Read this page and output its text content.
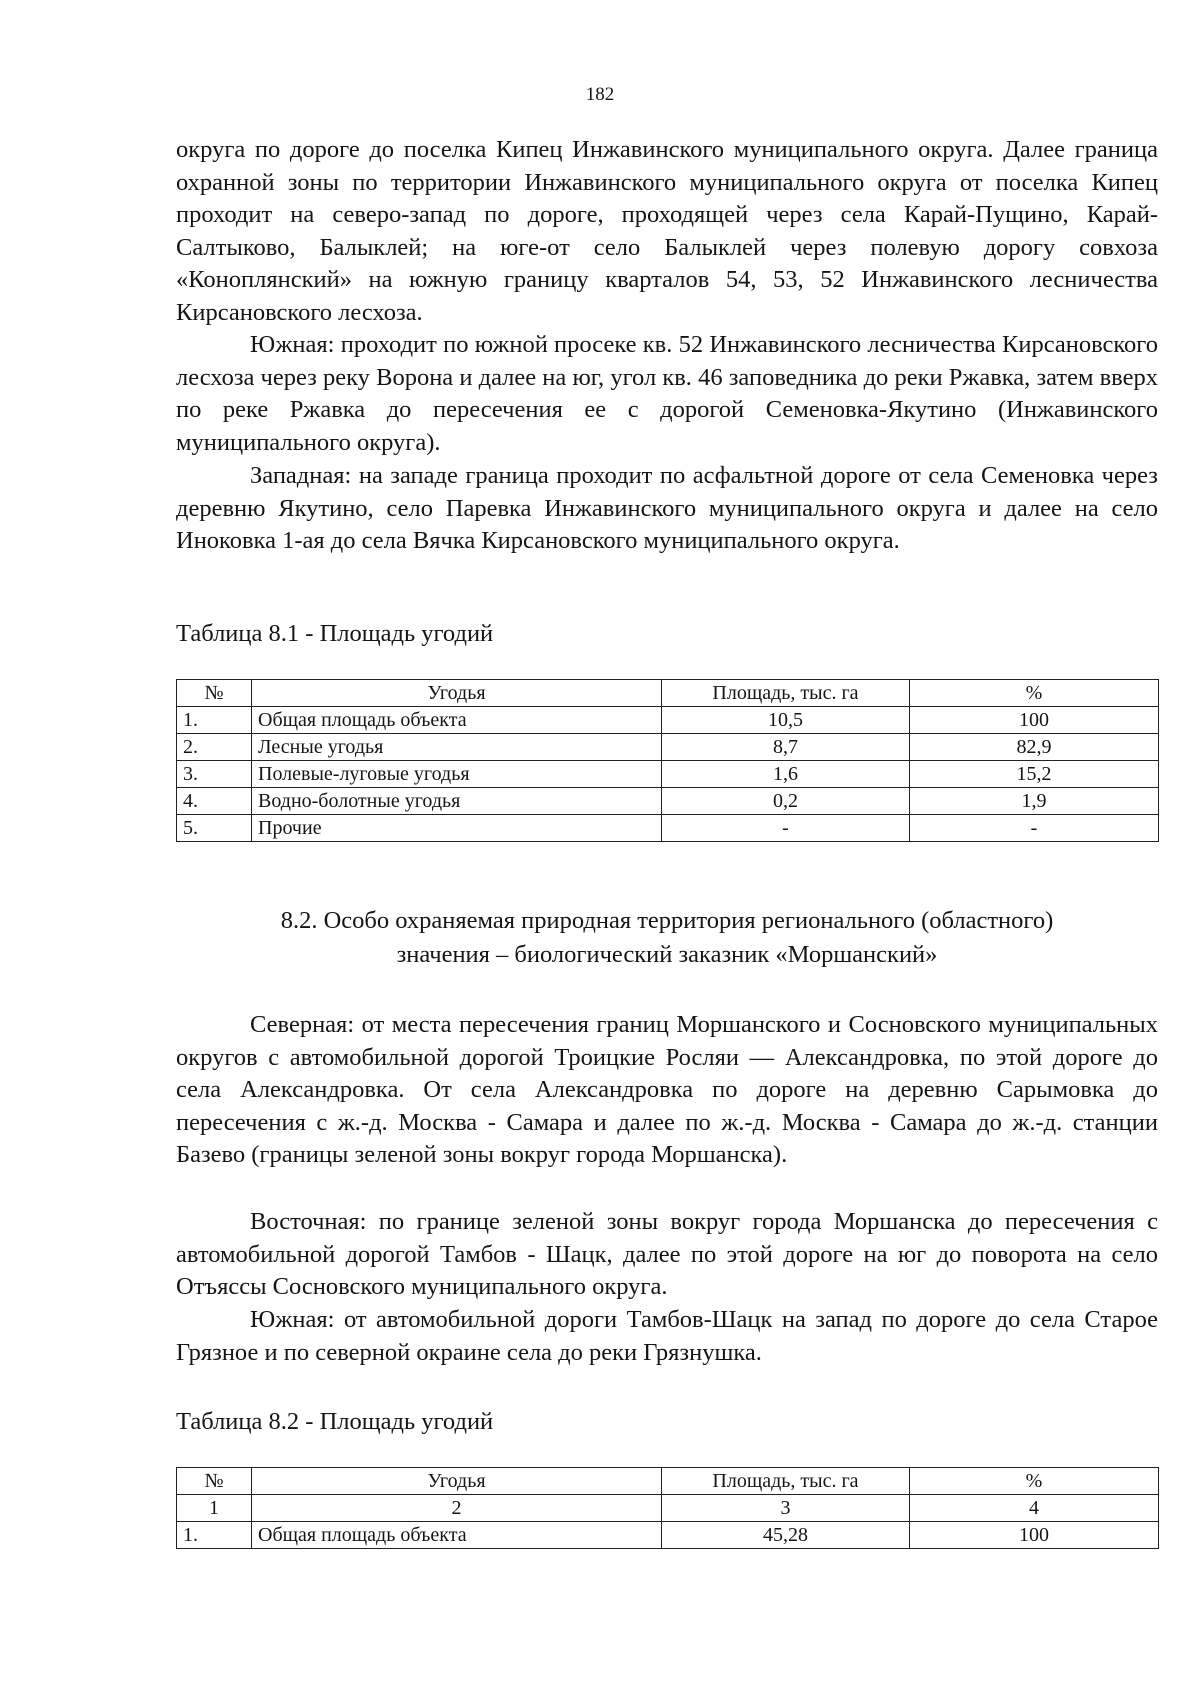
182

округа по дороге до поселка Кипец Инжавинского муниципального округа. Далее граница охранной зоны по территории Инжавинского муниципального округа от поселка Кипец проходит на северо-запад по дороге, проходящей через села Карай-Пущино, Карай-Салтыково, Балыклей; на юге-от село Балыклей через полевую дорогу совхоза «Коноплянский» на южную границу кварталов 54, 53, 52 Инжавинского лесничества Кирсановского лесхоза.

Южная: проходит по южной просеке кв. 52 Инжавинского лесничества Кирсановского лесхоза через реку Ворона и далее на юг, угол кв. 46 заповедника до реки Ржавка, затем вверх по реке Ржавка до пересечения ее с дорогой Семеновка-Якутино (Инжавинского муниципального округа).

Западная: на западе граница проходит по асфальтной дороге от села Семеновка через деревню Якутино, село Паревка Инжавинского муниципального округа и далее на село Иноковка 1-ая до села Вячка Кирсановского муниципального округа.

Таблица 8.1 - Площадь угодий

№	Угодья	Площадь, тыс. га	%
1.	Общая площадь объекта	10,5	100
2.	Лесные угодья	8,7	82,9
3.	Полевые-луговые угодья	1,6	15,2
4.	Водно-болотные угодья	0,2	1,9
5.	Прочие	-	-
8.2. Особо охраняемая природная территория регионального (областного)
значения – биологический заказник «Моршанский»

Северная: от места пересечения границ Моршанского и Сосновского муниципальных округов с автомобильной дорогой Троицкие Росляи — Александровка, по этой дороге до села Александровка. От села Александровка по дороге на деревню Сарымовка до пересечения с ж.-д. Москва - Самара и далее по ж.-д. Москва - Самара до ж.-д. станции Базево (границы зеленой зоны вокруг города Моршанска).

Восточная: по границе зеленой зоны вокруг города Моршанска до пересечения с автомобильной дорогой Тамбов - Шацк, далее по этой дороге на юг до поворота на село Отъяссы Сосновского муниципального округа.

Южная: от автомобильной дороги Тамбов-Шацк на запад по дороге до села Старое Грязное и по северной окраине села до реки Грязнушка.

Таблица 8.2 - Площадь угодий

№	Угодья	Площадь, тыс. га	%
1	2	3	4
1.	Общая площадь объекта	45,28	100
